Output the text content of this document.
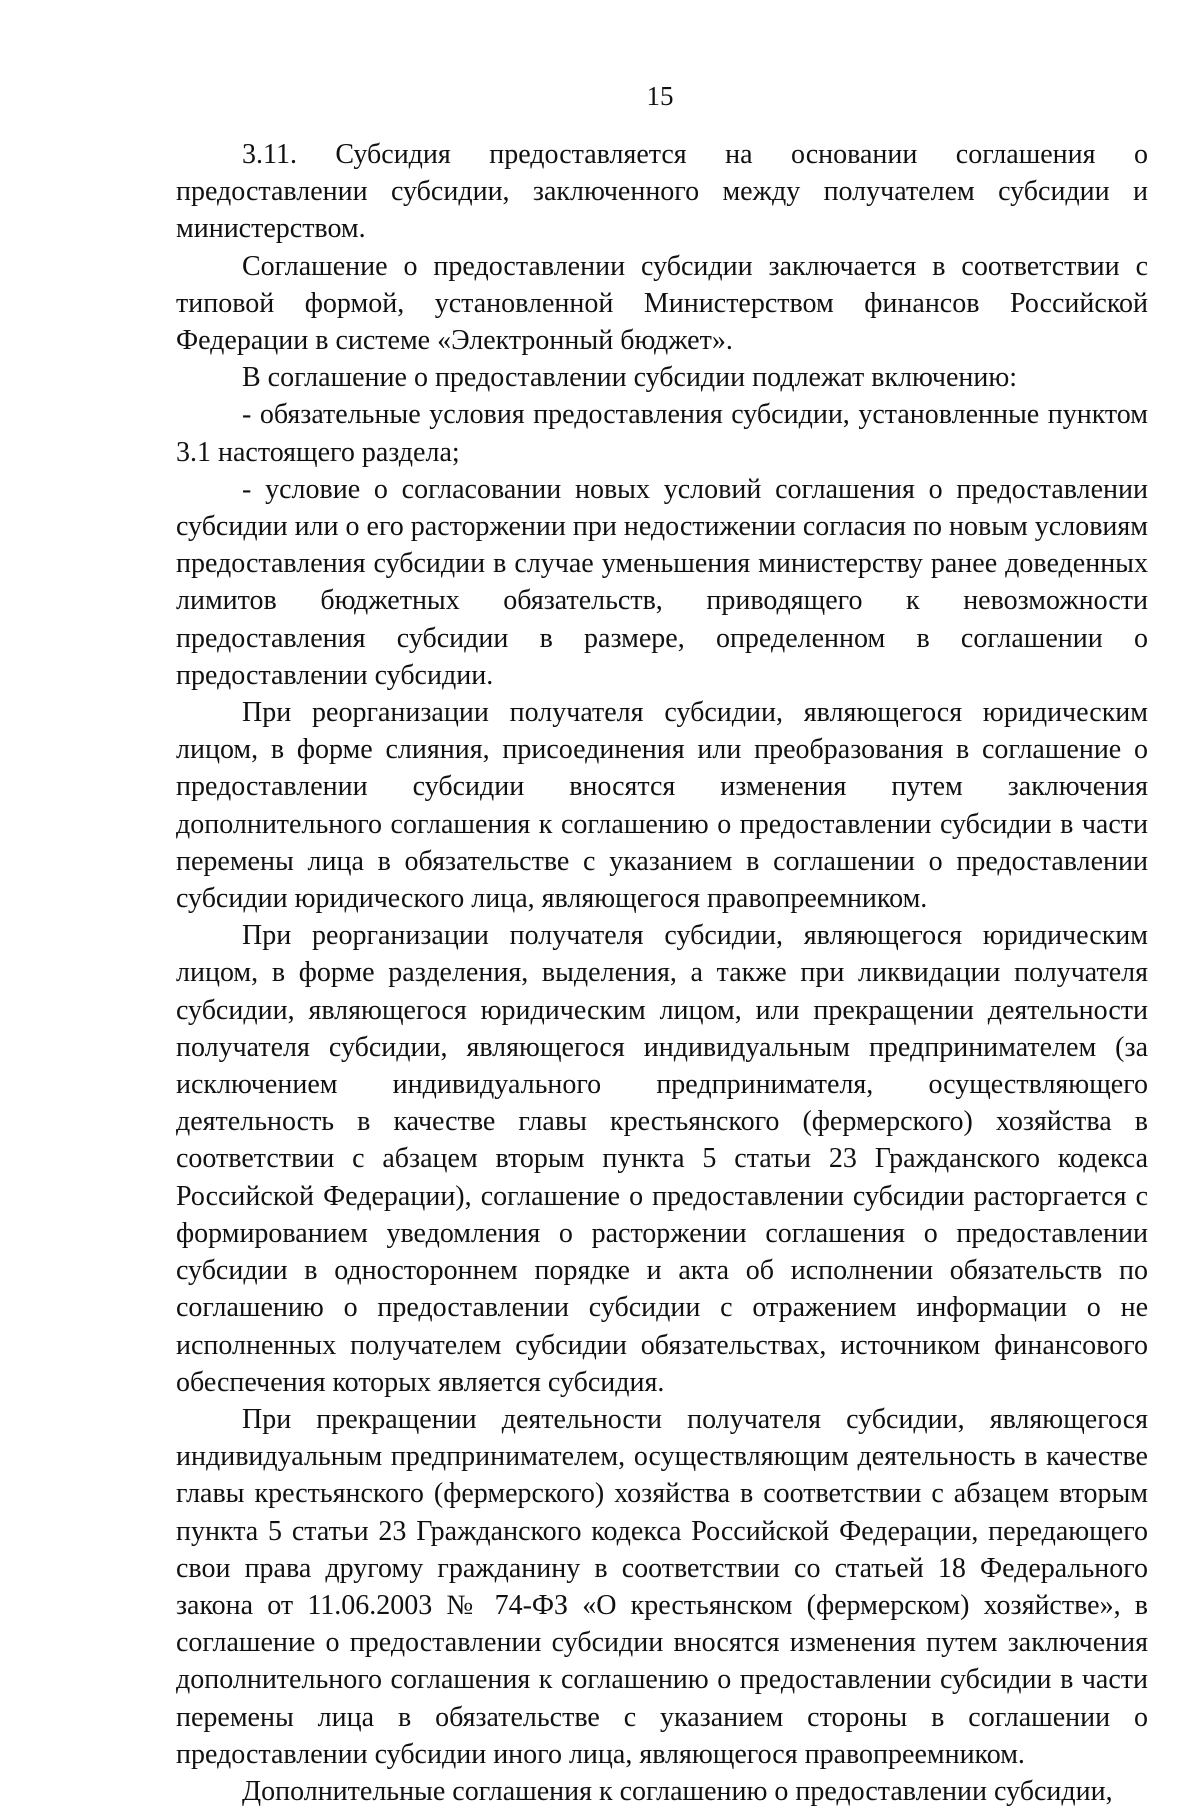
15

3.11. Субсидия предоставляется на основании соглашения о предоставлении субсидии, заключенного между получателем субсидии и министерством.

Соглашение о предоставлении субсидии заключается в соответствии с типовой формой, установленной Министерством финансов Российской Федерации в системе «Электронный бюджет».

В соглашение о предоставлении субсидии подлежат включению:

- обязательные условия предоставления субсидии, установленные пунктом 3.1 настоящего раздела;

- условие о согласовании новых условий соглашения о предоставлении субсидии или о его расторжении при недостижении согласия по новым условиям предоставления субсидии в случае уменьшения министерству ранее доведенных лимитов бюджетных обязательств, приводящего к невозможности предоставления субсидии в размере, определенном в соглашении о предоставлении субсидии.

При реорганизации получателя субсидии, являющегося юридическим лицом, в форме слияния, присоединения или преобразования в соглашение о предоставлении субсидии вносятся изменения путем заключения дополнительного соглашения к соглашению о предоставлении субсидии в части перемены лица в обязательстве с указанием в соглашении о предоставлении субсидии юридического лица, являющегося правопреемником.

При реорганизации получателя субсидии, являющегося юридическим лицом, в форме разделения, выделения, а также при ликвидации получателя субсидии, являющегося юридическим лицом, или прекращении деятельности получателя субсидии, являющегося индивидуальным предпринимателем (за исключением индивидуального предпринимателя, осуществляющего деятельность в качестве главы крестьянского (фермерского) хозяйства в соответствии с абзацем вторым пункта 5 статьи 23 Гражданского кодекса Российской Федерации), соглашение о предоставлении субсидии расторгается с формированием уведомления о расторжении соглашения о предоставлении субсидии в одностороннем порядке и акта об исполнении обязательств по соглашению о предоставлении субсидии с отражением информации о не исполненных получателем субсидии обязательствах, источником финансового обеспечения которых является субсидия.

При прекращении деятельности получателя субсидии, являющегося индивидуальным предпринимателем, осуществляющим деятельность в качестве главы крестьянского (фермерского) хозяйства в соответствии с абзацем вторым пункта 5 статьи 23 Гражданского кодекса Российской Федерации, передающего свои права другому гражданину в соответствии со статьей 18 Федерального закона от 11.06.2003 № 74-ФЗ «О крестьянском (фермерском) хозяйстве», в соглашение о предоставлении субсидии вносятся изменения путем заключения дополнительного соглашения к соглашению о предоставлении субсидии в части перемены лица в обязательстве с указанием стороны в соглашении о предоставлении субсидии иного лица, являющегося правопреемником.

Дополнительные соглашения к соглашению о предоставлении субсидии,
